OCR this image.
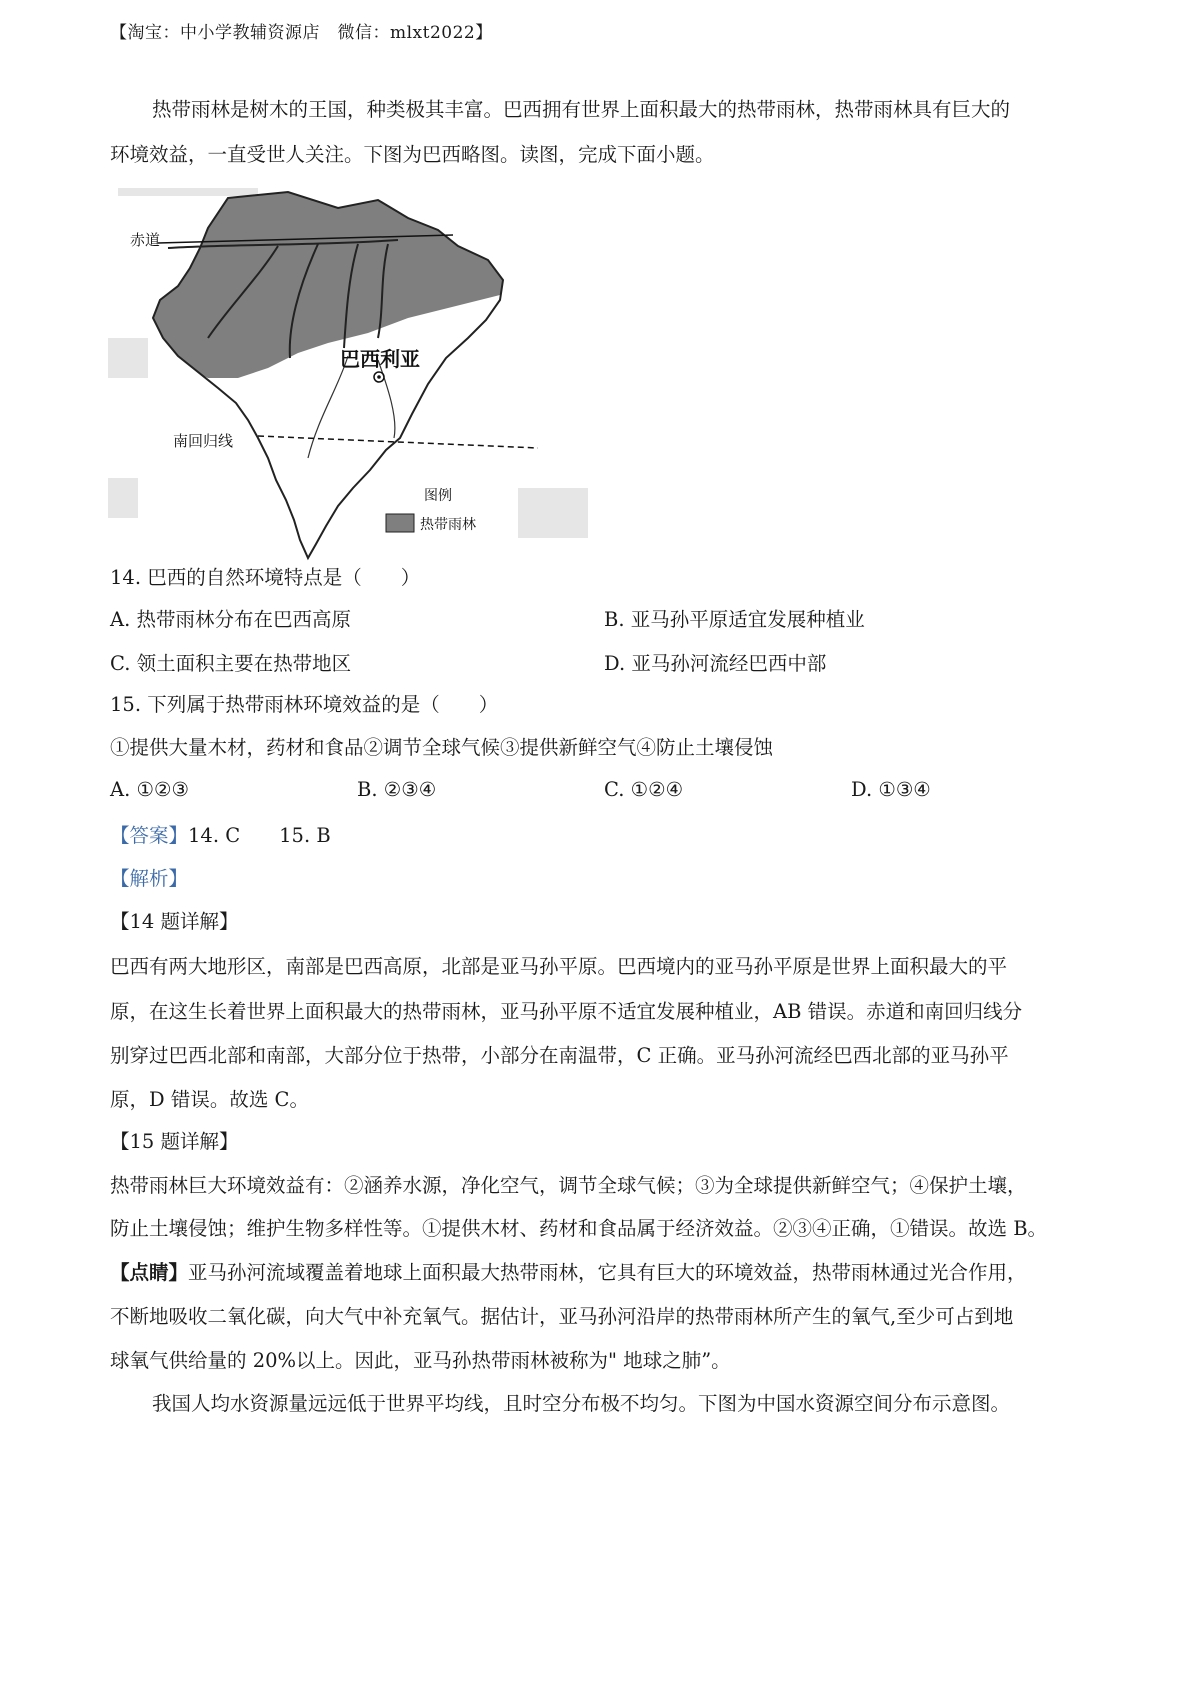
【淘宝：中小学教辅资源店　微信：mlxt2022】
热带雨林是树木的王国，种类极其丰富。巴西拥有世界上面积最大的热带雨林，热带雨林具有巨大的
环境效益，一直受世人关注。下图为巴西略图。读图，完成下面小题。
赤道
巴西利亚
南回归线
图例
热带雨林
14. 巴西的自然环境特点是（　　）
A. 热带雨林分布在巴西高原	B. 亚马孙平原适宜发展种植业
C. 领土面积主要在热带地区	D. 亚马孙河流经巴西中部
15. 下列属于热带雨林环境效益的是（　　）
①提供大量木材，药材和食品②调节全球气候③提供新鲜空气④防止土壤侵蚀
A. ①②③	B. ②③④	C. ①②④	D. ①③④
【答案】14. C　　15. B
【解析】
【14 题详解】
巴西有两大地形区，南部是巴西高原，北部是亚马孙平原。巴西境内的亚马孙平原是世界上面积最大的平
原，在这生长着世界上面积最大的热带雨林，亚马孙平原不适宜发展种植业，AB 错误。赤道和南回归线分
别穿过巴西北部和南部，大部分位于热带，小部分在南温带，C 正确。亚马孙河流经巴西北部的亚马孙平
原，D 错误。故选 C。
【15 题详解】
热带雨林巨大环境效益有：②涵养水源，净化空气，调节全球气候；③为全球提供新鲜空气；④保护土壤，
防止土壤侵蚀；维护生物多样性等。①提供木材、药材和食品属于经济效益。②③④正确，①错误。故选 B。
【点睛】亚马孙河流域覆盖着地球上面积最大热带雨林，它具有巨大的环境效益，热带雨林通过光合作用，
不断地吸收二氧化碳，向大气中补充氧气。据估计，亚马孙河沿岸的热带雨林所产生的氧气,至少可占到地
球氧气供给量的 20%以上。因此，亚马孙热带雨林被称为" 地球之肺”。
我国人均水资源量远远低于世界平均线，且时空分布极不均匀。下图为中国水资源空间分布示意图。
